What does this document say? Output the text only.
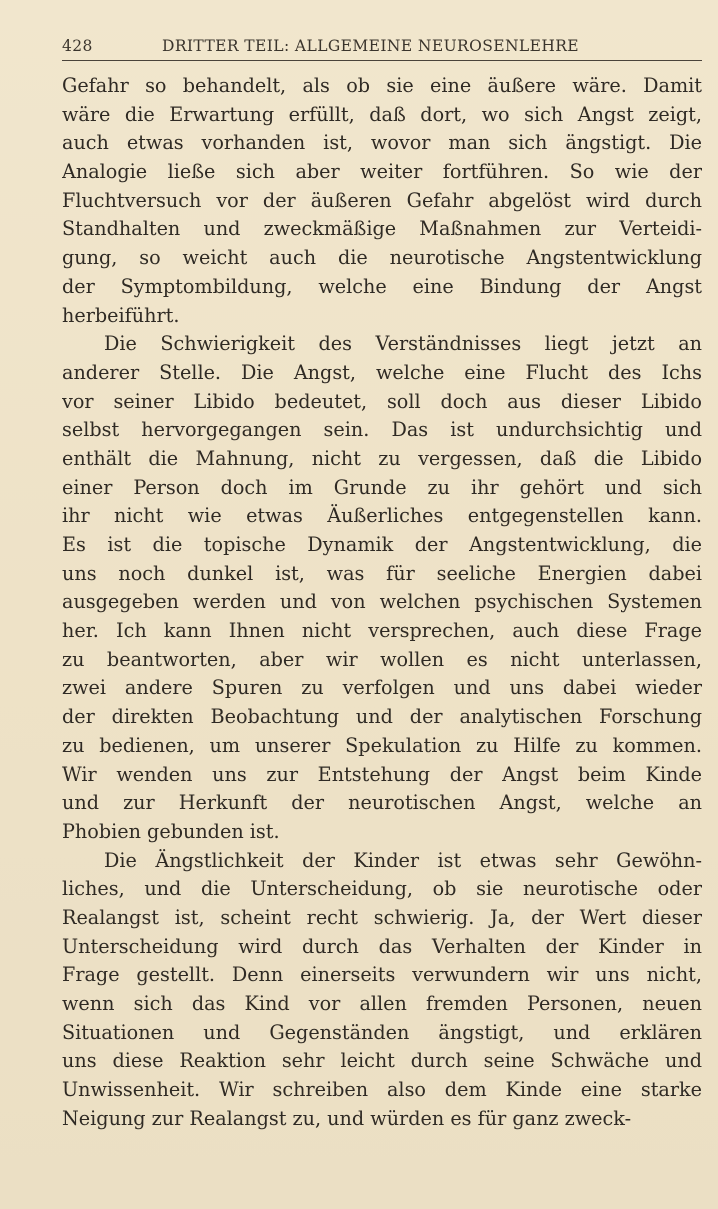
428	DRITTER TEIL: ALLGEMEINE NEUROSENLEHRE
Gefahr so behandelt, als ob sie eine äußere wäre. Damit
wäre die Erwartung erfüllt, daß dort, wo sich Angst zeigt,
auch etwas vorhanden ist, wovor man sich ängstigt. Die
Analogie ließe sich aber weiter fortführen. So wie der
Fluchtversuch vor der äußeren Gefahr abgelöst wird durch
Standhalten und zweckmäßige Maßnahmen zur Verteidi-
gung, so weicht auch die neurotische Angstentwicklung
der Symptombildung, welche eine Bindung der Angst
herbeiführt.
Die Schwierigkeit des Verständnisses liegt jetzt an
anderer Stelle. Die Angst, welche eine Flucht des Ichs
vor seiner Libido bedeutet, soll doch aus dieser Libido
selbst hervorgegangen sein. Das ist undurchsichtig und
enthält die Mahnung, nicht zu vergessen, daß die Libido
einer Person doch im Grunde zu ihr gehört und sich
ihr nicht wie etwas Äußerliches entgegenstellen kann.
Es ist die topische Dynamik der Angstentwicklung, die
uns noch dunkel ist, was für seeliche Energien dabei
ausgegeben werden und von welchen psychischen Systemen
her. Ich kann Ihnen nicht versprechen, auch diese Frage
zu beantworten, aber wir wollen es nicht unterlassen,
zwei andere Spuren zu verfolgen und uns dabei wieder
der direkten Beobachtung und der analytischen Forschung
zu bedienen, um unserer Spekulation zu Hilfe zu kommen.
Wir wenden uns zur Entstehung der Angst beim Kinde
und zur Herkunft der neurotischen Angst, welche an
Phobien gebunden ist.
Die Ängstlichkeit der Kinder ist etwas sehr Gewöhn-
liches, und die Unterscheidung, ob sie neurotische oder
Realangst ist, scheint recht schwierig. Ja, der Wert dieser
Unterscheidung wird durch das Verhalten der Kinder in
Frage gestellt. Denn einerseits verwundern wir uns nicht,
wenn sich das Kind vor allen fremden Personen, neuen
Situationen und Gegenständen ängstigt, und erklären
uns diese Reaktion sehr leicht durch seine Schwäche und
Unwissenheit. Wir schreiben also dem Kinde eine starke
Neigung zur Realangst zu, und würden es für ganz zweck-
